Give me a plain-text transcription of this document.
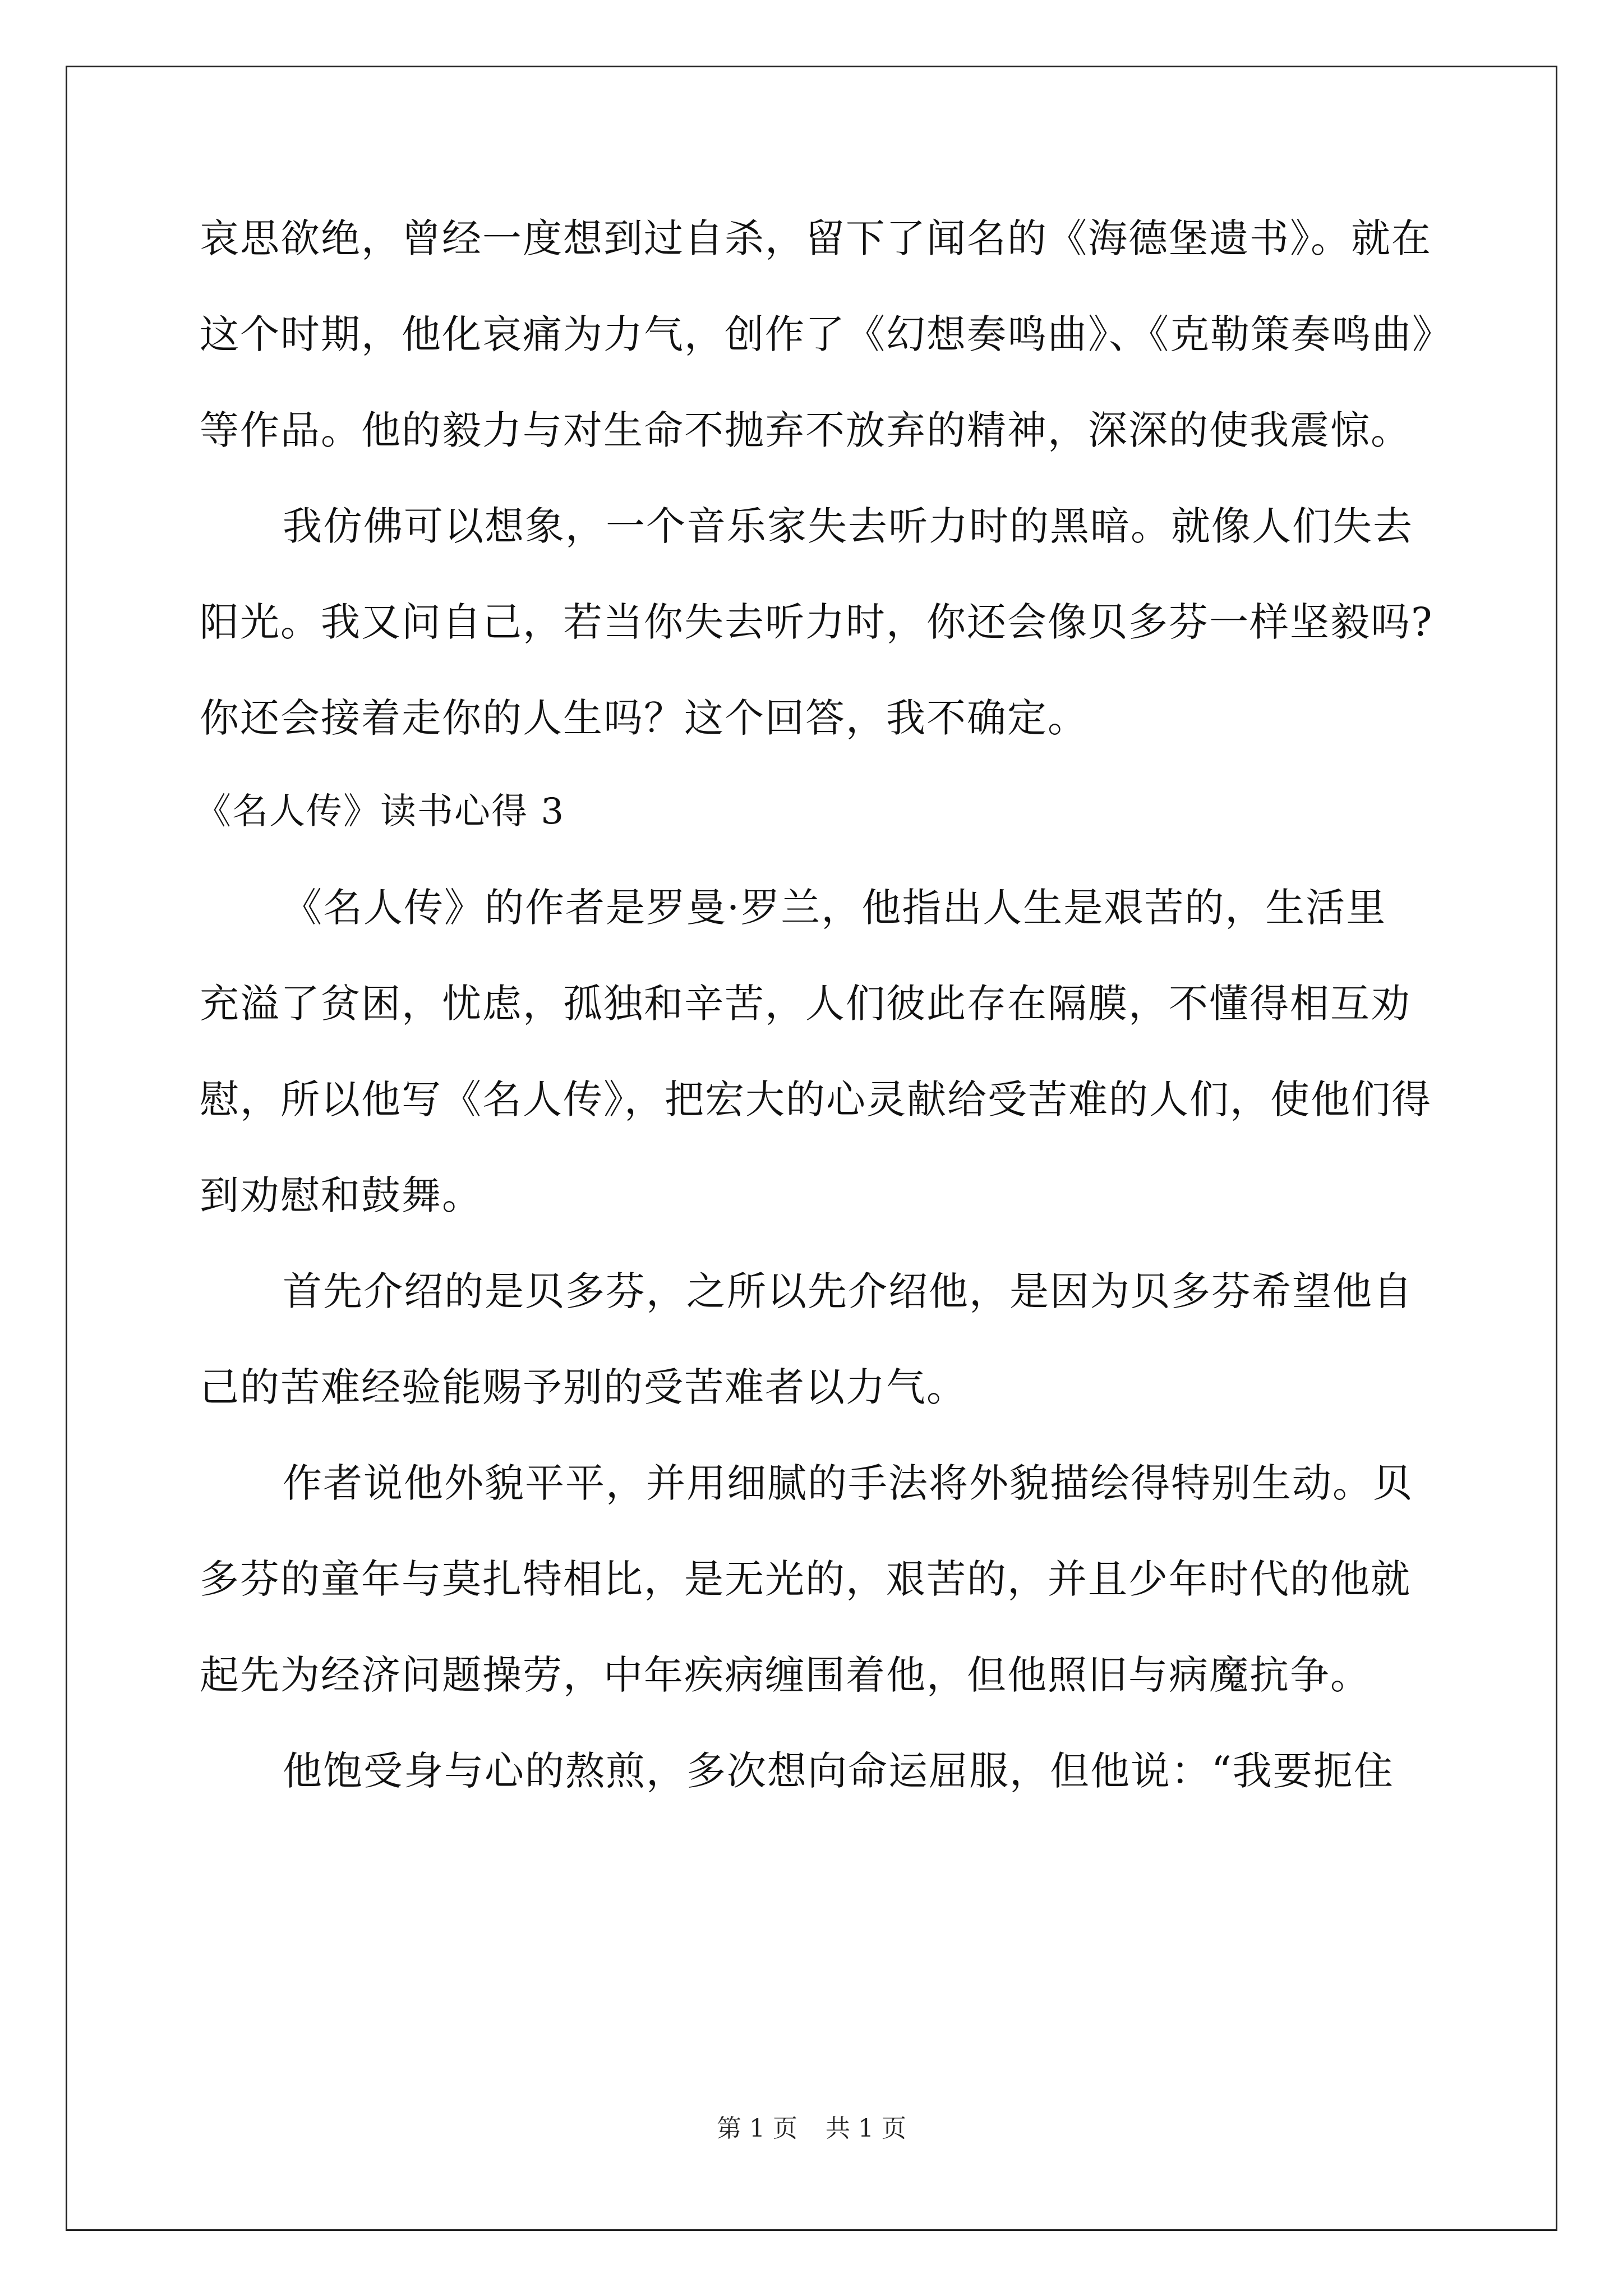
哀思欲绝，曾经一度想到过自杀，留下了闻名的《海德堡遗书》。就在
这个时期，他化哀痛为力气，创作了《幻想奏鸣曲》、《克勒策奏鸣曲》
等作品。他的毅力与对生命不抛弃不放弃的精神，深深的使我震惊。
我仿佛可以想象，一个音乐家失去听力时的黑暗。就像人们失去
阳光。我又问自己，若当你失去听力时，你还会像贝多芬一样坚毅吗?
你还会接着走你的人生吗？这个回答，我不确定。
《名人传》读书心得 3
《名人传》的作者是罗曼·罗兰，他指出人生是艰苦的，生活里
充溢了贫困，忧虑，孤独和辛苦，人们彼此存在隔膜，不懂得相互劝
慰，所以他写《名人传》，把宏大的心灵献给受苦难的人们，使他们得
到劝慰和鼓舞。
首先介绍的是贝多芬，之所以先介绍他，是因为贝多芬希望他自
己的苦难经验能赐予别的受苦难者以力气。
作者说他外貌平平，并用细腻的手法将外貌描绘得特别生动。贝
多芬的童年与莫扎特相比，是无光的，艰苦的，并且少年时代的他就
起先为经济问题操劳，中年疾病缠围着他，但他照旧与病魔抗争。
他饱受身与心的熬煎，多次想向命运屈服，但他说：“我要扼住
第 1 页 共 1 页
